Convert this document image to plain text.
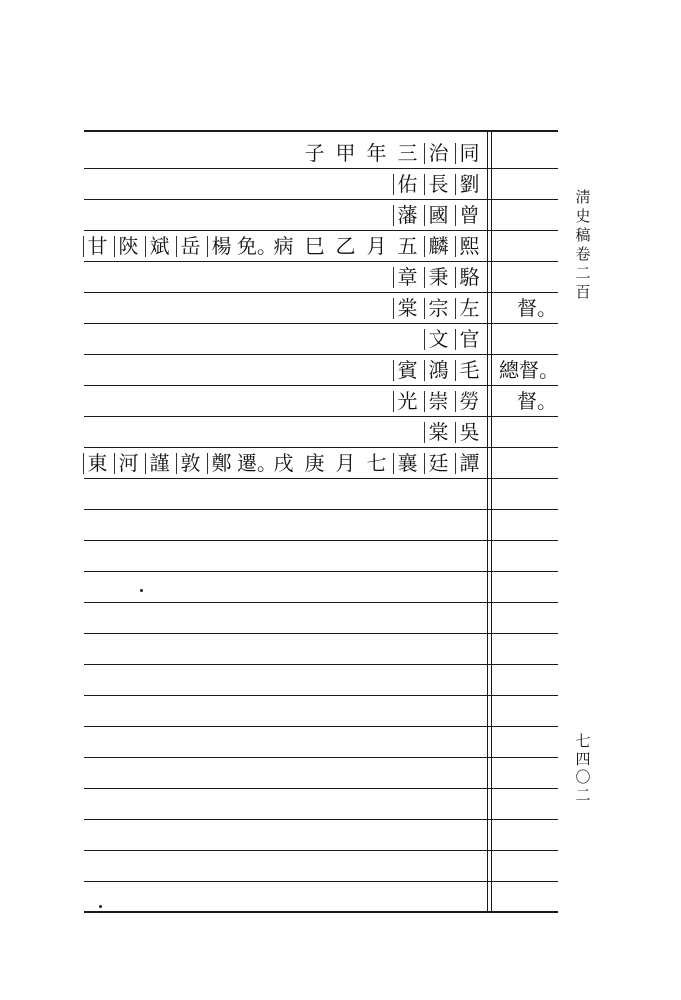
同
治
三
年
甲
子
劉
長
佑
曾
國
藩
熙
麟
五
月
乙
巳
病
免。
楊
岳
斌
陝
甘
駱
秉
章
左
宗
棠
官
文
毛
鴻
賓
勞
崇
光
吳
棠
譚
廷
襄
七
月
庚
戌
遷。
鄭
敦
謹
河
東
督。
總督。
督。
淸
史
稿
卷
二
百
七
四
〇
二
